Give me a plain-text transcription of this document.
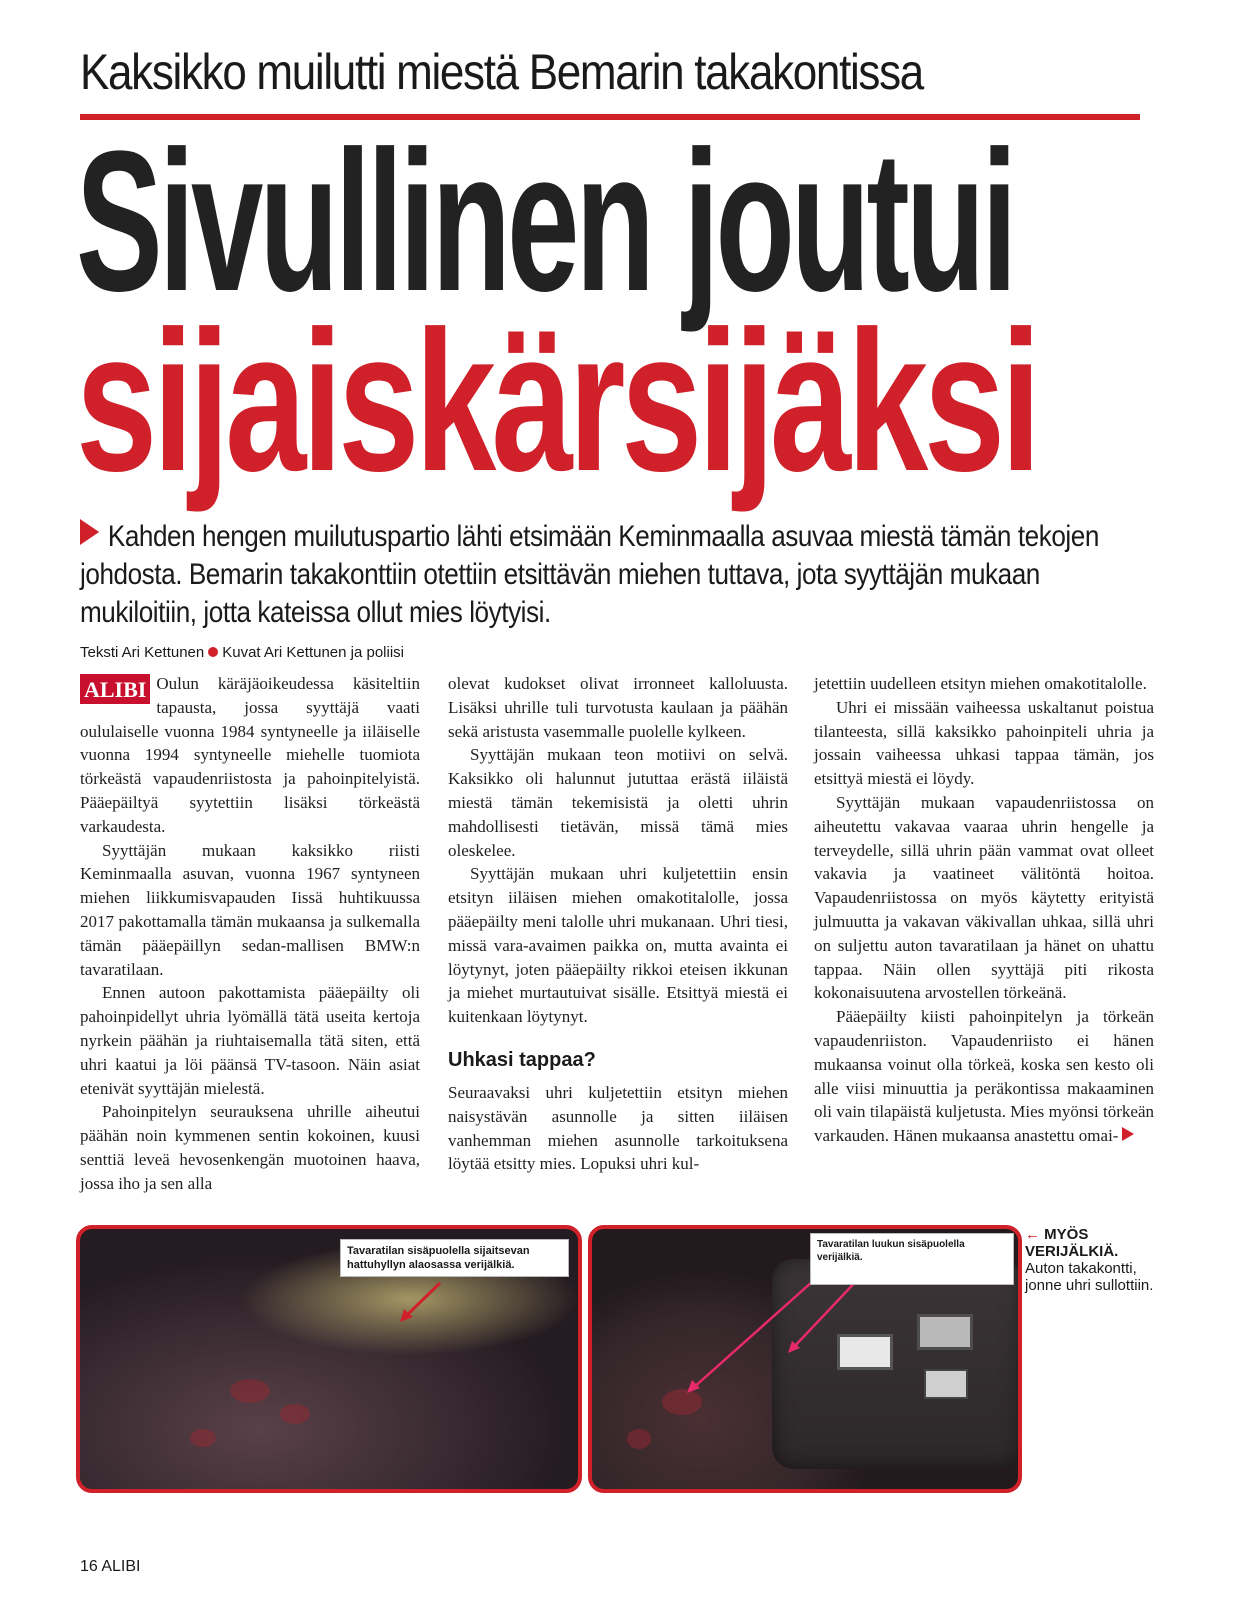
Kaksikko muilutti miestä Bemarin takakontissa
Sivullinen joutui
sijaiskärsijäksi
Kahden hengen muilutuspartio lähti etsimään Keminmaalla asuvaa miestä tämän tekojen johdosta. Bemarin takakonttiin otettiin etsittävän miehen tuttava, jota syyttäjän mukaan mukiloitiin, jotta kateissa ollut mies löytyisi.
Teksti Ari Kettunen Kuvat Ari Kettunen ja poliisi

ALIBI Oulun käräjäoikeudessa käsiteltiin tapausta, jossa syyttäjä vaati oululaiselle vuonna 1984 syntyneelle ja iiläiselle vuonna 1994 syntyneelle miehelle tuomiota törkeästä vapaudenriistosta ja pahoinpitelyistä. Pääepäiltyä syytettiin lisäksi törkeästä varkaudesta.

Syyttäjän mukaan kaksikko riisti Keminmaalla asuvan, vuonna 1967 syntyneen miehen liikkumisvapauden Iissä huhtikuussa 2017 pakottamalla tämän mukaansa ja sulkemalla tämän pääepäillyn sedan-mallisen BMW:n tavaratilaan.

Ennen autoon pakottamista pääepäilty oli pahoinpidellyt uhria lyömällä tätä useita kertoja nyrkein päähän ja riuhtaisemalla tätä siten, että uhri kaatui ja löi päänsä TV-tasoon. Näin asiat etenivät syyttäjän mielestä.

Pahoinpitelyn seurauksena uhrille aiheutui päähän noin kymmenen sentin kokoinen, kuusi senttiä leveä hevosenkengän muotoinen haava, jossa iho ja sen alla

olevat kudokset olivat irronneet kalloluusta. Lisäksi uhrille tuli turvotusta kaulaan ja päähän sekä aristusta vasemmalle puolelle kylkeen.

Syyttäjän mukaan teon motiivi on selvä. Kaksikko oli halunnut jututtaa erästä iiläistä miestä tämän tekemisistä ja oletti uhrin mahdollisesti tietävän, missä tämä mies oleskelee.

Syyttäjän mukaan uhri kuljetettiin ensin etsityn iiläisen miehen omakotitalolle, jossa pääepäilty meni talolle uhri mukanaan. Uhri tiesi, missä vara-avaimen paikka on, mutta avainta ei löytynyt, joten pääepäilty rikkoi eteisen ikkunan ja miehet murtautuivat sisälle. Etsittyä miestä ei kuitenkaan löytynyt.

Uhkasi tappaa?

Seuraavaksi uhri kuljetettiin etsityn miehen naisystävän asunnolle ja sitten iiläisen vanhemman miehen asunnolle tarkoituksena löytää etsitty mies. Lopuksi uhri kul-

jetettiin uudelleen etsityn miehen omakotitalolle.

Uhri ei missään vaiheessa uskaltanut poistua tilanteesta, sillä kaksikko pahoinpiteli uhria ja jossain vaiheessa uhkasi tappaa tämän, jos etsittyä miestä ei löydy.

Syyttäjän mukaan vapaudenriistossa on aiheutettu vakavaa vaaraa uhrin hengelle ja terveydelle, sillä uhrin pään vammat ovat olleet vakavia ja vaatineet välitöntä hoitoa. Vapaudenriistossa on myös käytetty erityistä julmuutta ja vakavan väkivallan uhkaa, sillä uhri on suljettu auton tavaratilaan ja hänet on uhattu tappaa. Näin ollen syyttäjä piti rikosta kokonaisuutena arvostellen törkeänä.

Pääepäilty kiisti pahoinpitelyn ja törkeän vapaudenriiston. Vapaudenriisto ei hänen mukaansa voinut olla törkeä, koska sen kesto oli alle viisi minuuttia ja peräkontissa makaaminen oli vain tilapäistä kuljetusta. Mies myönsi törkeän varkauden. Hänen mukaansa anastettu omai-

Tavaratilan sisäpuolella sijaitsevan hattuhyllyn alaosassa verijälkiä.
Tavaratilan luukun sisäpuolella verijälkiä.
← MYÖS VERIJÄLKIÄ.
Auton takakontti, jonne uhri sullottiin.
16 ALIBI
